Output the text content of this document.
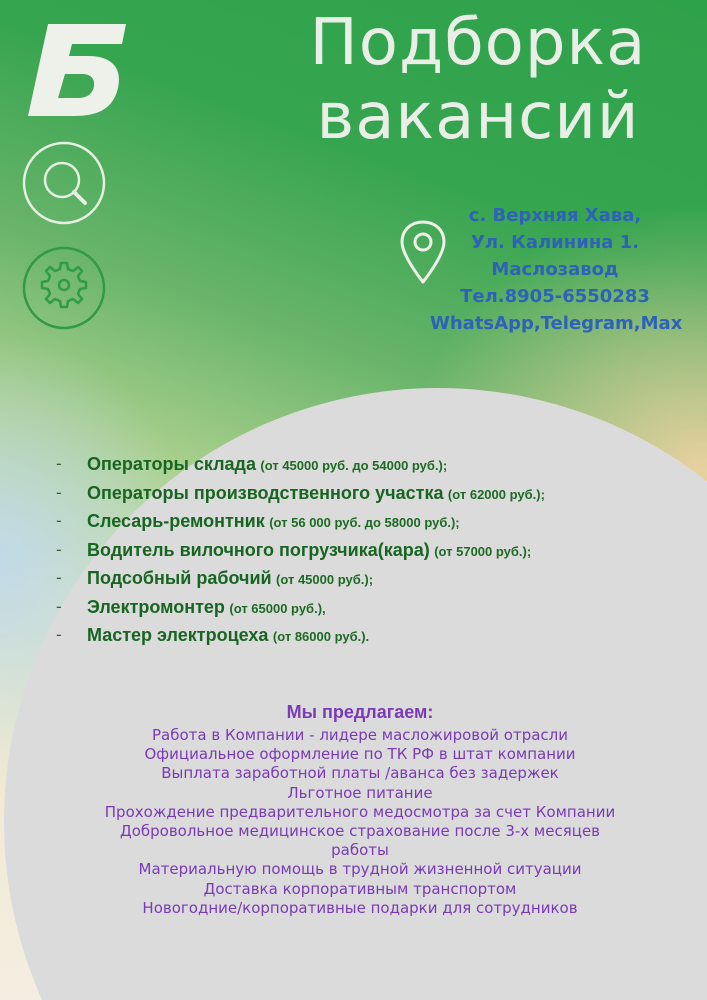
Подборка
вакансий
с. Верхняя Хава,
Ул. Калинина 1.
Маслозавод
Тел.8905-6550283
WhatsApp,Telegram,Max
- Операторы склада (от 45000 руб. до 54000 руб.);
- Операторы производственного участка (от 62000 руб.);
- Слесарь-ремонтник (от 56 000 руб. до 58000 руб.);
- Водитель вилочного погрузчика(кара) (от 57000 руб.);
- Подсобный рабочий (от 45000 руб.);
- Электромонтер (от 65000 руб.),
- Мастер электроцеха (от 86000 руб.).
Мы предлагаем:
Работа в Компании - лидере масложировой отрасли
Официальное оформление по ТК РФ в штат компании
Выплата заработной платы /аванса без задержек
Льготное питание
Прохождение предварительного медосмотра за счет Компании
Добровольное медицинское страхование после 3-х месяцев работы
Материальную помощь в трудной жизненной ситуации
Доставка корпоративным транспортом
Новогодние/корпоративные подарки для сотрудников
